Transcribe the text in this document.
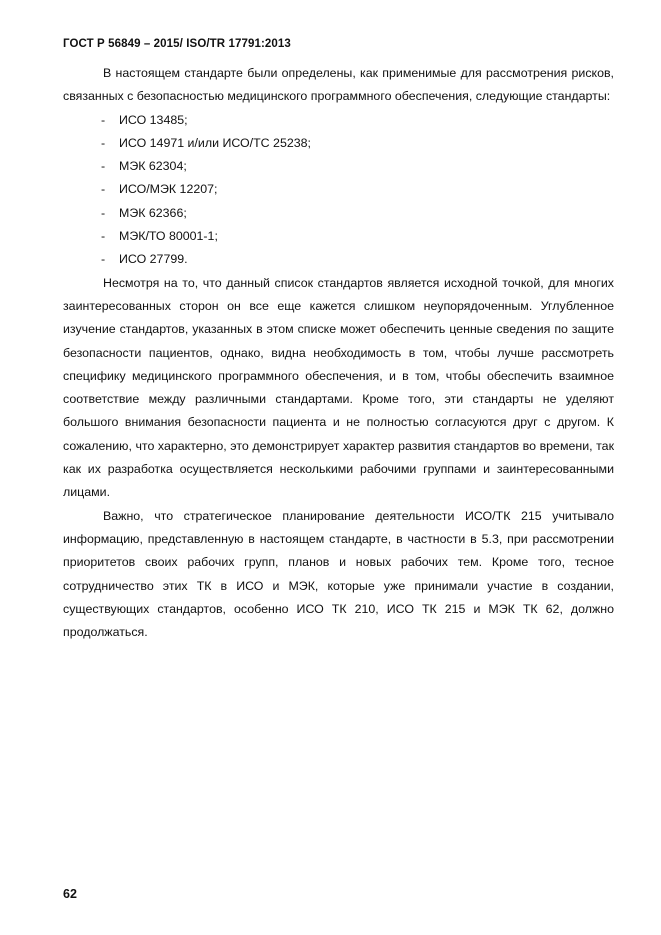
ГОСТ Р 56849 – 2015/ ISO/TR 17791:2013

В настоящем стандарте были определены, как применимые для рассмотрения рисков, связанных с безопасностью медицинского программного обеспечения, следующие стандарты:

- ИСО 13485;
- ИСО 14971 и/или ИСО/ТС 25238;
- МЭК 62304;
- ИСО/МЭК 12207;
- МЭК 62366;
- МЭК/ТО 80001-1;
- ИСО 27799.

Несмотря на то, что данный список стандартов является исходной точкой, для многих заинтересованных сторон он все еще кажется слишком неупорядоченным. Углубленное изучение стандартов, указанных в этом списке может обеспечить ценные сведения по защите безопасности пациентов, однако, видна необходимость в том, чтобы лучше рассмотреть специфику медицинского программного обеспечения, и в том, чтобы обеспечить взаимное соответствие между различными стандартами. Кроме того, эти стандарты не уделяют большого внимания безопасности пациента и не полностью согласуются друг с другом. К сожалению, что характерно, это демонстрирует характер развития стандартов во времени, так как их разработка осуществляется несколькими рабочими группами и заинтересованными лицами.

Важно, что стратегическое планирование деятельности ИСО/ТК 215 учитывало информацию, представленную в настоящем стандарте, в частности в 5.3, при рассмотрении приоритетов своих рабочих групп, планов и новых рабочих тем. Кроме того, тесное сотрудничество этих ТК в ИСО и МЭК, которые уже принимали участие в создании, существующих стандартов, особенно ИСО ТК 210, ИСО ТК 215 и МЭК ТК 62, должно продолжаться.

62
